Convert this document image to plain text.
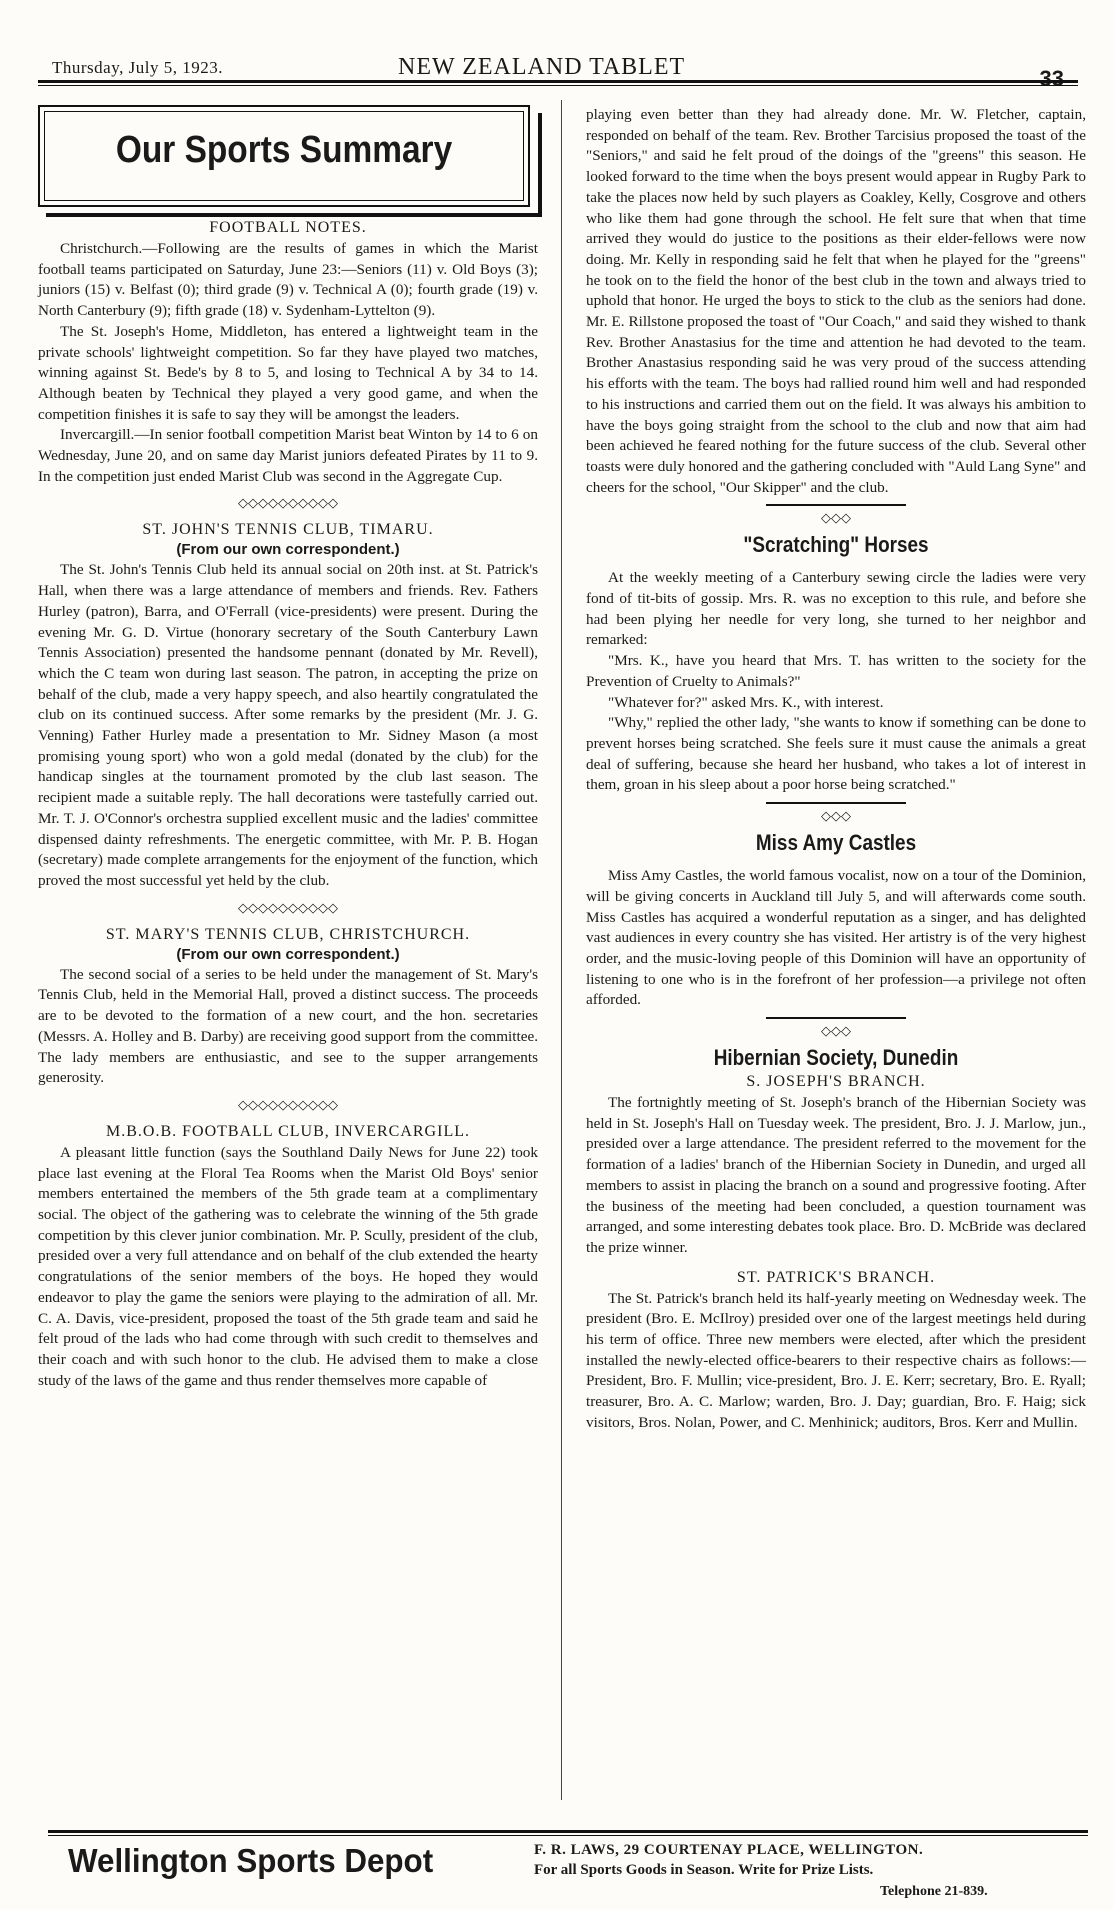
Thursday, July 5, 1923.	NEW ZEALAND TABLET	33
Our Sports Summary
FOOTBALL NOTES.

Christchurch.—Following are the results of games in which the Marist football teams participated on Saturday, June 23:—Seniors (11) v. Old Boys (3); juniors (15) v. Belfast (0); third grade (9) v. Technical A (0); fourth grade (19) v. North Canterbury (9); fifth grade (18) v. Sydenham-Lyttelton (9).

The St. Joseph's Home, Middleton, has entered a lightweight team in the private schools' lightweight competition. So far they have played two matches, winning against St. Bede's by 8 to 5, and losing to Technical A by 34 to 14. Although beaten by Technical they played a very good game, and when the competition finishes it is safe to say they will be amongst the leaders.

Invercargill.—In senior football competition Marist beat Winton by 14 to 6 on Wednesday, June 20, and on same day Marist juniors defeated Pirates by 11 to 9. In the competition just ended Marist Club was second in the Aggregate Cup.

◇◇◇◇◇◇◇◇◇◇
ST. JOHN'S TENNIS CLUB, TIMARU.
(From our own correspondent.)

The St. John's Tennis Club held its annual social on 20th inst. at St. Patrick's Hall, when there was a large attendance of members and friends. Rev. Fathers Hurley (patron), Barra, and O'Ferrall (vice-presidents) were present. During the evening Mr. G. D. Virtue (honorary secretary of the South Canterbury Lawn Tennis Association) presented the handsome pennant (donated by Mr. Revell), which the C team won during last season. The patron, in accepting the prize on behalf of the club, made a very happy speech, and also heartily congratulated the club on its continued success. After some remarks by the president (Mr. J. G. Venning) Father Hurley made a presentation to Mr. Sidney Mason (a most promising young sport) who won a gold medal (donated by the club) for the handicap singles at the tournament promoted by the club last season. The recipient made a suitable reply. The hall decorations were tastefully carried out. Mr. T. J. O'Connor's orchestra supplied excellent music and the ladies' committee dispensed dainty refreshments. The energetic committee, with Mr. P. B. Hogan (secretary) made complete arrangements for the enjoyment of the function, which proved the most successful yet held by the club.

◇◇◇◇◇◇◇◇◇◇
ST. MARY'S TENNIS CLUB, CHRISTCHURCH.
(From our own correspondent.)

The second social of a series to be held under the management of St. Mary's Tennis Club, held in the Memorial Hall, proved a distinct success. The proceeds are to be devoted to the formation of a new court, and the hon. secretaries (Messrs. A. Holley and B. Darby) are receiving good support from the committee. The lady members are enthusiastic, and see to the supper arrangements generosity.

◇◇◇◇◇◇◇◇◇◇
M.B.O.B. FOOTBALL CLUB, INVERCARGILL.

A pleasant little function (says the Southland Daily News for June 22) took place last evening at the Floral Tea Rooms when the Marist Old Boys' senior members entertained the members of the 5th grade team at a complimentary social. The object of the gathering was to celebrate the winning of the 5th grade competition by this clever junior combination. Mr. P. Scully, president of the club, presided over a very full attendance and on behalf of the club extended the hearty congratulations of the senior members of the boys. He hoped they would endeavor to play the game the seniors were playing to the admiration of all. Mr. C. A. Davis, vice-president, proposed the toast of the 5th grade team and said he felt proud of the lads who had come through with such credit to themselves and their coach and with such honor to the club. He advised them to make a close study of the laws of the game and thus render themselves more capable of

playing even better than they had already done. Mr. W. Fletcher, captain, responded on behalf of the team. Rev. Brother Tarcisius proposed the toast of the "Seniors," and said he felt proud of the doings of the "greens" this season. He looked forward to the time when the boys present would appear in Rugby Park to take the places now held by such players as Coakley, Kelly, Cosgrove and others who like them had gone through the school. He felt sure that when that time arrived they would do justice to the positions as their elder-fellows were now doing. Mr. Kelly in responding said he felt that when he played for the "greens" he took on to the field the honor of the best club in the town and always tried to uphold that honor. He urged the boys to stick to the club as the seniors had done. Mr. E. Rillstone proposed the toast of "Our Coach," and said they wished to thank Rev. Brother Anastasius for the time and attention he had devoted to the team. Brother Anastasius responding said he was very proud of the success attending his efforts with the team. The boys had rallied round him well and had responded to his instructions and carried them out on the field. It was always his ambition to have the boys going straight from the school to the club and now that aim had been achieved he feared nothing for the future success of the club. Several other toasts were duly honored and the gathering concluded with "Auld Lang Syne" and cheers for the school, "Our Skipper" and the club.

◇◇◇
"Scratching" Horses

At the weekly meeting of a Canterbury sewing circle the ladies were very fond of tit-bits of gossip. Mrs. R. was no exception to this rule, and before she had been plying her needle for very long, she turned to her neighbor and remarked:

"Mrs. K., have you heard that Mrs. T. has written to the society for the Prevention of Cruelty to Animals?"

"Whatever for?" asked Mrs. K., with interest.

"Why," replied the other lady, "she wants to know if something can be done to prevent horses being scratched. She feels sure it must cause the animals a great deal of suffering, because she heard her husband, who takes a lot of interest in them, groan in his sleep about a poor horse being scratched."

◇◇◇
Miss Amy Castles

Miss Amy Castles, the world famous vocalist, now on a tour of the Dominion, will be giving concerts in Auckland till July 5, and will afterwards come south. Miss Castles has acquired a wonderful reputation as a singer, and has delighted vast audiences in every country she has visited. Her artistry is of the very highest order, and the music-loving people of this Dominion will have an opportunity of listening to one who is in the forefront of her profession—a privilege not often afforded.

◇◇◇
Hibernian Society, Dunedin
S. JOSEPH'S BRANCH.

The fortnightly meeting of St. Joseph's branch of the Hibernian Society was held in St. Joseph's Hall on Tuesday week. The president, Bro. J. J. Marlow, jun., presided over a large attendance. The president referred to the movement for the formation of a ladies' branch of the Hibernian Society in Dunedin, and urged all members to assist in placing the branch on a sound and progressive footing. After the business of the meeting had been concluded, a question tournament was arranged, and some interesting debates took place. Bro. D. McBride was declared the prize winner.

ST. PATRICK'S BRANCH.

The St. Patrick's branch held its half-yearly meeting on Wednesday week. The president (Bro. E. McIlroy) presided over one of the largest meetings held during his term of office. Three new members were elected, after which the president installed the newly-elected office-bearers to their respective chairs as follows:—President, Bro. F. Mullin; vice-president, Bro. J. E. Kerr; secretary, Bro. E. Ryall; treasurer, Bro. A. C. Marlow; warden, Bro. J. Day; guardian, Bro. F. Haig; sick visitors, Bros. Nolan, Power, and C. Menhinick; auditors, Bros. Kerr and Mullin.

Wellington Sports Depot	F. R. LAWS, 29 COURTENAY PLACE, WELLINGTON.
For all Sports Goods in Season. Write for Prize Lists.
Telephone 21-839.
